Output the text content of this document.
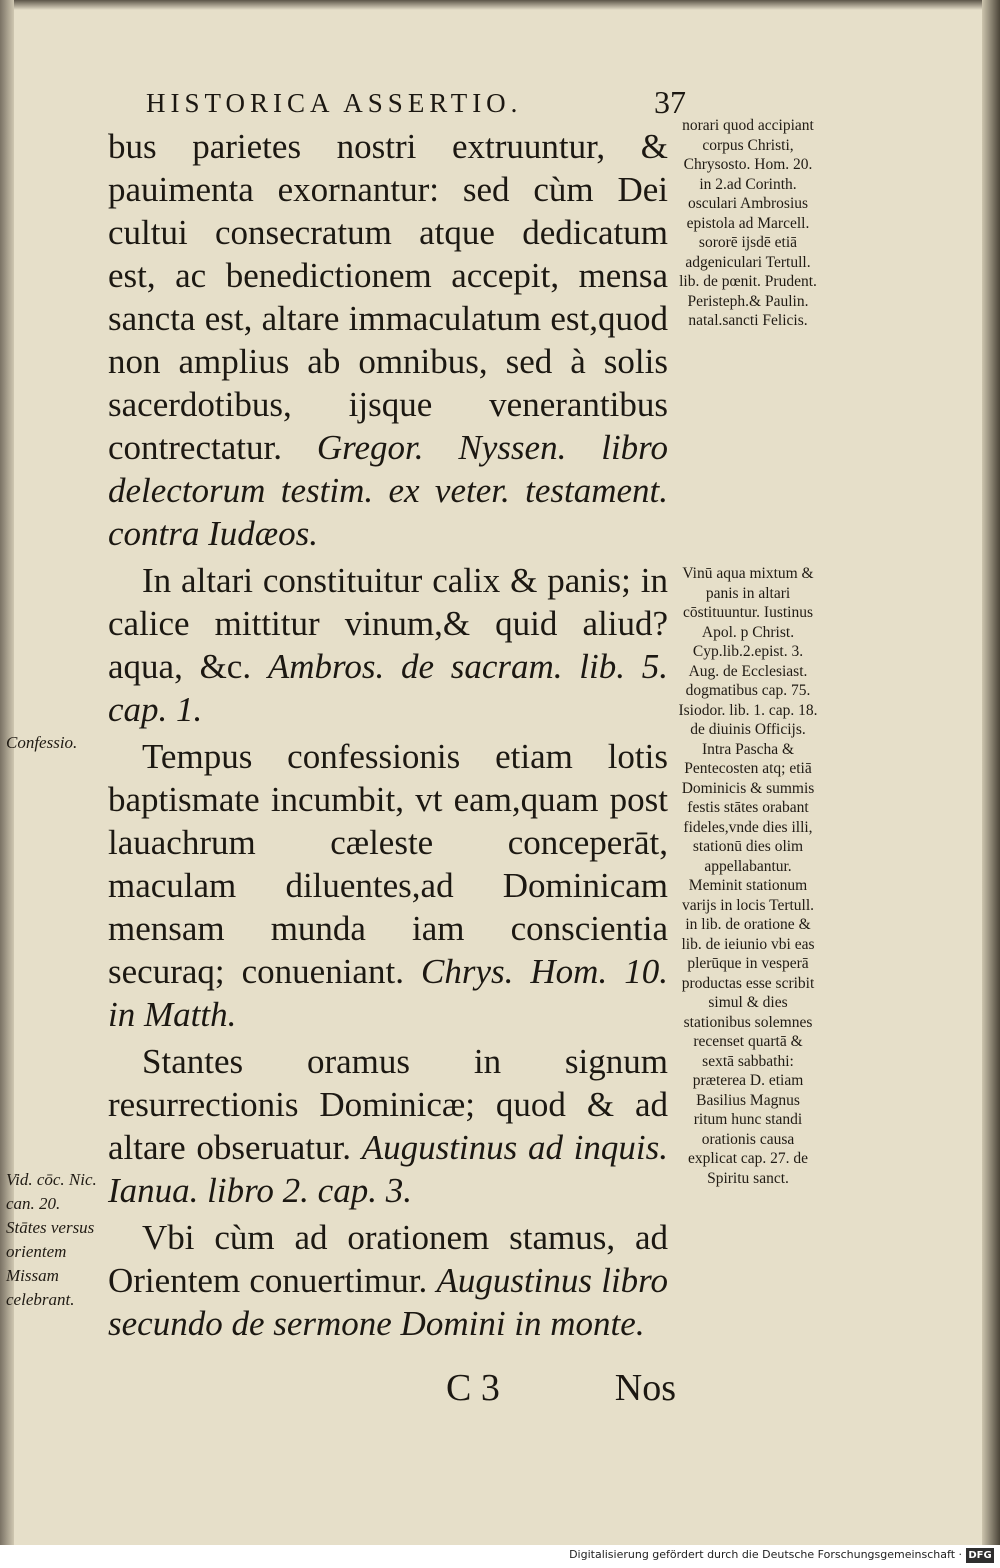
HISTORICA ASSERTIO.	37

bus parietes nostri extruuntur, & pauimenta exornantur: sed cùm Dei cultui consecratum atque dedicatum est, ac benedictionem accepit, mensa sancta est, altare immaculatum est,quod non amplius ab omnibus, sed à solis sacerdotibus, ijsque venerantibus contrectatur. Gregor. Nyssen. libro delectorum testim. ex veter. testament. contra Iudæos.

In altari constituitur calix & panis; in calice mittitur vinum,& quid aliud? aqua, &c. Ambros. de sacram. lib. 5. cap. 1.

Tempus confessionis etiam lotis baptismate incumbit, vt eam,quam post lauachrum cæleste conceperāt, maculam diluentes,ad Dominicam mensam munda iam conscientia securaq; conueniant. Chrys. Hom. 10. in Matth.

Stantes oramus in signum resurrectionis Dominicæ; quod & ad altare obseruatur. Augustinus ad inquis. Ianua. libro 2. cap. 3.

Vbi cùm ad orationem stamus, ad Orientem conuertimur. Augustinus libro secundo de sermone Domini in monte.

norari quod accipiant corpus Christi, Chrysosto. Hom. 20. in 2.ad Corinth. osculari Ambrosius epistola ad Marcell. sororē ijsdē etiā adgeniculari Tertull. lib. de pœnit. Prudent. Peristeph.& Paulin. natal.sancti Felicis.
Vinū aqua mixtum & panis in altari cōstituuntur. Iustinus Apol. p Christ. Cyp.lib.2.epist. 3. Aug. de Ecclesiast. dogmatibus cap. 75. Isiodor. lib. 1. cap. 18. de diuinis Officijs. Intra Pascha & Pentecosten atq; etiā Dominicis & summis festis stātes orabant fideles,vnde dies illi, stationū dies olim appellabantur. Meminit stationum varijs in locis Tertull. in lib. de oratione & lib. de ieiunio vbi eas plerūque in vesperā productas esse scribit simul & dies stationibus solemnes recenset quartā & sextā sabbathi: præterea D. etiam Basilius Magnus ritum hunc standi orationis causa explicat cap. 27. de Spiritu sanct.
Confessio.
Vid. cōc. Nic. can. 20. Stātes versus orientem Missam celebrant.
C 3	Nos
Digitalisierung gefördert durch die Deutsche Forschungsgemeinschaft · DFG
